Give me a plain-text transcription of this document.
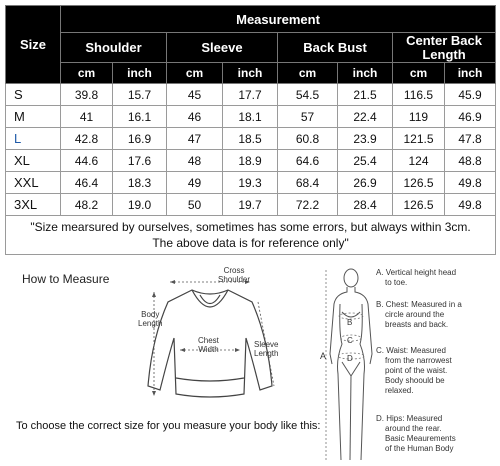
Size	Measurement							
	Shoulder		Sleeve		Back Bust		Center Back
Length	

	cm	inch	cm	inch	cm	inch	cm	inch
S	39.8	15.7	45	17.7	54.5	21.5	116.5	45.9
M	41	16.1	46	18.1	57	22.4	119	46.9
L	42.8	16.9	47	18.5	60.8	23.9	121.5	47.8
XL	44.6	17.6	48	18.9	64.6	25.4	124	48.8
XXL	46.4	18.3	49	19.3	68.4	26.9	126.5	49.8
3XL	48.2	19.0	50	19.7	72.2	28.4	126.5	49.8

"Size mearsured by ourselves, sometimes has some errors, but always within 3cm.
The above data is for reference only"								
How to Measure
Cross
Shoulder
Body
Length
Chest
Width
Sleeve
Length
To choose the correct size for you measure your body like this:
A
B
C
D
A. Vertical height head
to toe.
B. Chest: Measured in a
circle around the
breasts and back.
C. Waist: Measured
from the narrowest
point of the waist.
Body shoould be
relaxed.
D. Hips: Measured
around the rear.
Basic Meaurements
of the Human Body
